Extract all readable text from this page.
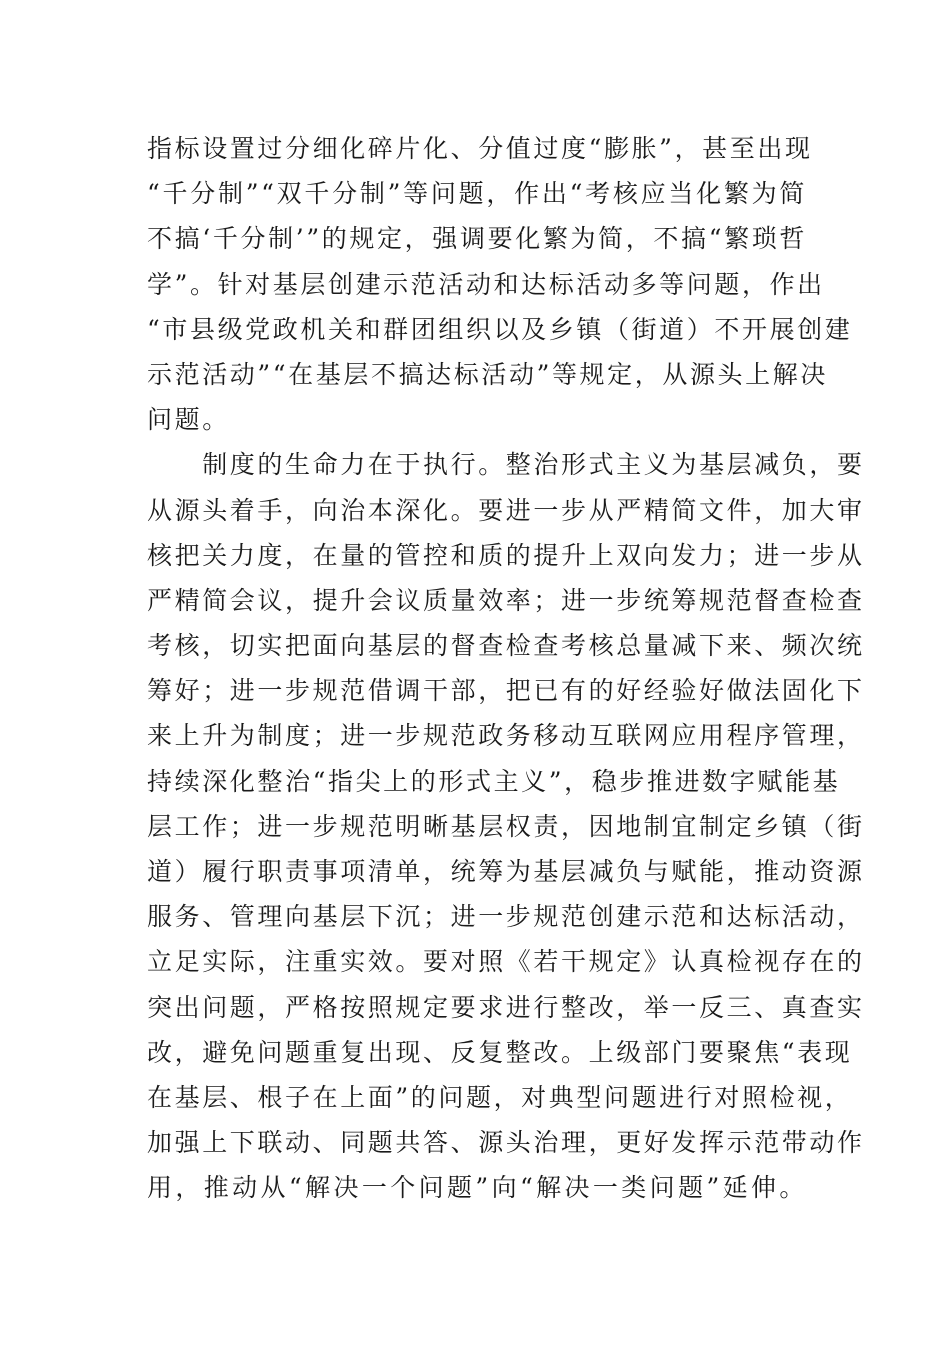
指标设置过分细化碎片化、分值过度“膨胀”，甚至出现
“千分制”“双千分制”等问题，作出“考核应当化繁为简
不搞‘千分制’”的规定，强调要化繁为简，不搞“繁琐哲
学”。针对基层创建示范活动和达标活动多等问题，作出
“市县级党政机关和群团组织以及乡镇（街道）不开展创建
示范活动”“在基层不搞达标活动”等规定，从源头上解决
问题。
　　制度的生命力在于执行。整治形式主义为基层减负，要
从源头着手，向治本深化。要进一步从严精简文件，加大审
核把关力度，在量的管控和质的提升上双向发力；进一步从
严精简会议，提升会议质量效率；进一步统筹规范督查检查
考核，切实把面向基层的督查检查考核总量减下来、频次统
筹好；进一步规范借调干部，把已有的好经验好做法固化下
来上升为制度；进一步规范政务移动互联网应用程序管理，
持续深化整治“指尖上的形式主义”，稳步推进数字赋能基
层工作；进一步规范明晰基层权责，因地制宜制定乡镇（街
道）履行职责事项清单，统筹为基层减负与赋能，推动资源
服务、管理向基层下沉；进一步规范创建示范和达标活动，
立足实际，注重实效。要对照《若干规定》认真检视存在的
突出问题，严格按照规定要求进行整改，举一反三、真查实
改，避免问题重复出现、反复整改。上级部门要聚焦“表现
在基层、根子在上面”的问题，对典型问题进行对照检视，
加强上下联动、同题共答、源头治理，更好发挥示范带动作
用，推动从“解决一个问题”向“解决一类问题”延伸。
